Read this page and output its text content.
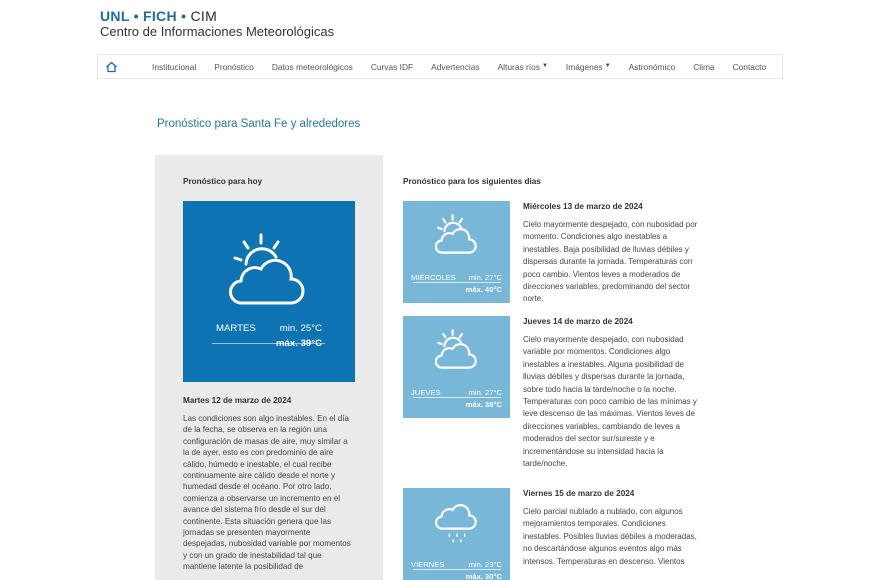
UNL • FICH • CIM
Centro de Informaciones Meteorológicas
Institucional Pronóstico Datos meteorológicos Curvas IDF Advertencias Alturas ríos ▼ Imágenes ▼ Astronómico Clima Contacto
Pronóstico para Santa Fe y alrededores
Pronóstico para hoy
MARTES min. 25°C
máx. 39°C
Martes 12 de marzo de 2024
Las condiciones son algo inestables. En el día de la fecha, se observa en la región una configuración de masas de aire, muy similar a la de ayer, esto es con predominio de aire cálido, húmedo e inestable, el cual recibe continuamente aire cálido desde el norte y humedad desde el océano. Por otro lado, comienza a observarse un incremento en el avance del sistema frío desde el sur del continente. Esta situación genera que las jornadas se presenten mayormente despejadas, nubosidad variable por momentos y con un grado de inestabilidad tal que mantiene latente la posibilidad de
Pronóstico para los siguientes dias
MIÉRCOLES min. 27°C
máx. 40°C
Miércoles 13 de marzo de 2024
Cielo mayormente despejado, con nubosidad por momento. Condiciones algo inestables a inestables. Baja posibilidad de lluvias débiles y dispersas durante la jornada. Temperaturas con poco cambio. Vientos leves a moderados de direcciones variables, predominando del sector norte.
JUEVES	min. 27°C
máx. 38°C
Jueves 14 de marzo de 2024
Cielo mayormente despejado, con nubosidad variable por momentos. Condiciones algo inestables a inestables. Alguna posibilidad de lluvias débiles y dispersas durante la jornada, sobre todo hacia la tarde/noche o la noche. Temperaturas con poco cambio de las mínimas y leve descenso de las máximas. Vientos leves de direcciones variables, cambiando de leves a moderados del sector sur/sureste y e incrementándose su intensidad hacia la tarde/noche.
VIERNES	min. 23°C
máx. 30°C
Viernes 15 de marzo de 2024
Cielo parcial nublado a nublado, con algunos mejoramientos temporales. Condiciones inestables. Posibles lluvias débiles a moderadas, no descartándose algunos eventos algo más intensos. Temperaturas en descenso. Vientos
